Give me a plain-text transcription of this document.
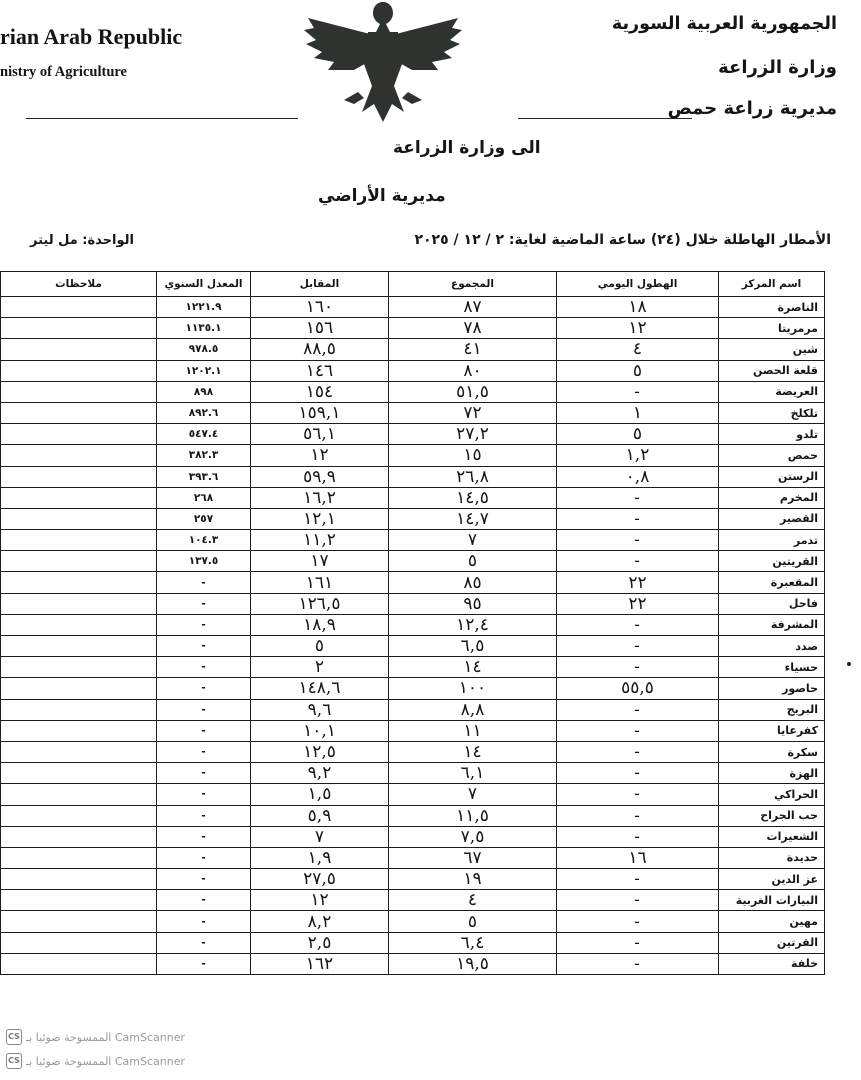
rian Arab Republic
nistry of Agriculture
الجمهورية العربية السورية
وزارة الزراعة
مديرية زراعة حمص
الى وزارة الزراعة
مديرية الأراضي
الأمطار الهاطلة خلال (٢٤) ساعة الماضية لغاية: ٢ / ١٢ / ٢٠٢٥
الواحدة: مل ليتر
ملاحظات	المعدل السنوي	المقابل	المجموع	الهطول اليومي	اسم المركز
	١٢٢١.٩	١٦٠	٨٧	١٨	الناصرة
	١١٣٥.١	١٥٦	٧٨	١٢	مرمريتا
	٩٧٨.٥	٨٨,٥	٤١	٤	شين
	١٢٠٢.١	١٤٦	٨٠	٥	قلعة الحصن
	٨٩٨	١٥٤	٥١,٥	-	العريضة
	٨٩٢.٦	١٥٩,١	٧٢	١	تلكلخ
	٥٤٧.٤	٥٦,١	٢٧,٢	٥	تلدو
	٣٨٢.٣	١٢	١٥	١,٢	حمص
	٣٩٣.٦	٥٩,٩	٢٦,٨	٠,٨	الرستن
	٢٦٨	١٦,٢	١٤,٥	-	المخرم
	٢٥٧	١٢,١	١٤,٧	-	القصير
	١٠٤.٣	١١,٢	٧	-	تدمر
	١٣٧.٥	١٧	٥	-	القريتين
	-	١٦١	٨٥	٢٢	المقعبرة
	-	١٢٦,٥	٩٥	٢٢	فاحل
	-	١٨,٩	١٢,٤	-	المشرفة
	-	٥	٦,٥	-	صدد
	-	٢	١٤	-	حسياء
	-	١٤٨,٦	١٠٠	٥٥,٥	حاصور
	-	٩,٦	٨,٨	-	البريج
	-	١٠,١	١١	-	كفرعايا
	-	١٢,٥	١٤	-	سكرة
	-	٩,٢	٦,١	-	الهزة
	-	١,٥	٧	-	الحراكي
	-	٥,٩	١١,٥	-	جب الجراح
	-	٧	٧,٥	-	الشعيرات
	-	١,٩	٦٧	١٦	حديدة
	-	٢٧,٥	١٩	-	عز الدين
	-	١٢	٤	-	البيارات الغربية
	-	٨,٢	٥	-	مهين
	-	٢,٥	٦,٤	-	القرتين
	-	١٦٢	١٩,٥	-	خلفة
CS الممسوحة ضوئيا بـ CamScanner
CS الممسوحة ضوئيا بـ CamScanner
